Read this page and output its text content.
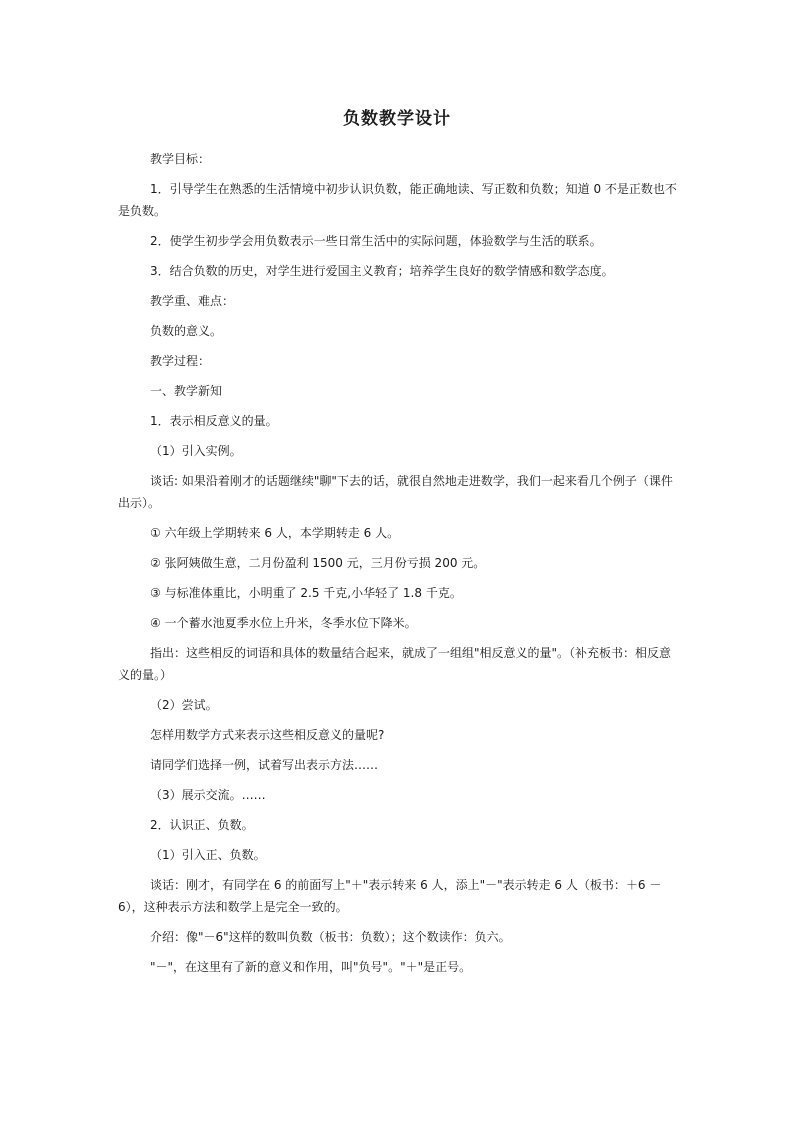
负数教学设计

教学目标：

1．引导学生在熟悉的生活情境中初步认识负数，能正确地读、写正数和负数；知道 0 不是正数也不是负数。

2．使学生初步学会用负数表示一些日常生活中的实际问题，体验数学与生活的联系。

3．结合负数的历史，对学生进行爱国主义教育；培养学生良好的数学情感和数学态度。

教学重、难点：

负数的意义。

教学过程：

一、教学新知

1．表示相反意义的量。

（1）引入实例。

谈话: 如果沿着刚才的话题继续"聊"下去的话，就很自然地走进数学，我们一起来看几个例子（课件出示）。

① 六年级上学期转来 6 人，本学期转走 6 人。

② 张阿姨做生意，二月份盈利 1500 元，三月份亏损 200 元。

③ 与标准体重比，小明重了 2.5 千克,小华轻了 1.8 千克。

④ 一个蓄水池夏季水位上升米，冬季水位下降米。

指出：这些相反的词语和具体的数量结合起来，就成了一组组"相反意义的量"。（补充板书：相反意义的量。）

（2）尝试。

怎样用数学方式来表示这些相反意义的量呢?

请同学们选择一例，试着写出表示方法……

（3）展示交流。……

2．认识正、负数。

（1）引入正、负数。

谈话：刚才，有同学在 6 的前面写上"＋"表示转来 6 人，添上"－"表示转走 6 人（板书：＋6 －6），这种表示方法和数学上是完全一致的。

介绍：像"－6"这样的数叫负数（板书：负数）；这个数读作：负六。

"－"，在这里有了新的意义和作用，叫"负号"。"＋"是正号。
